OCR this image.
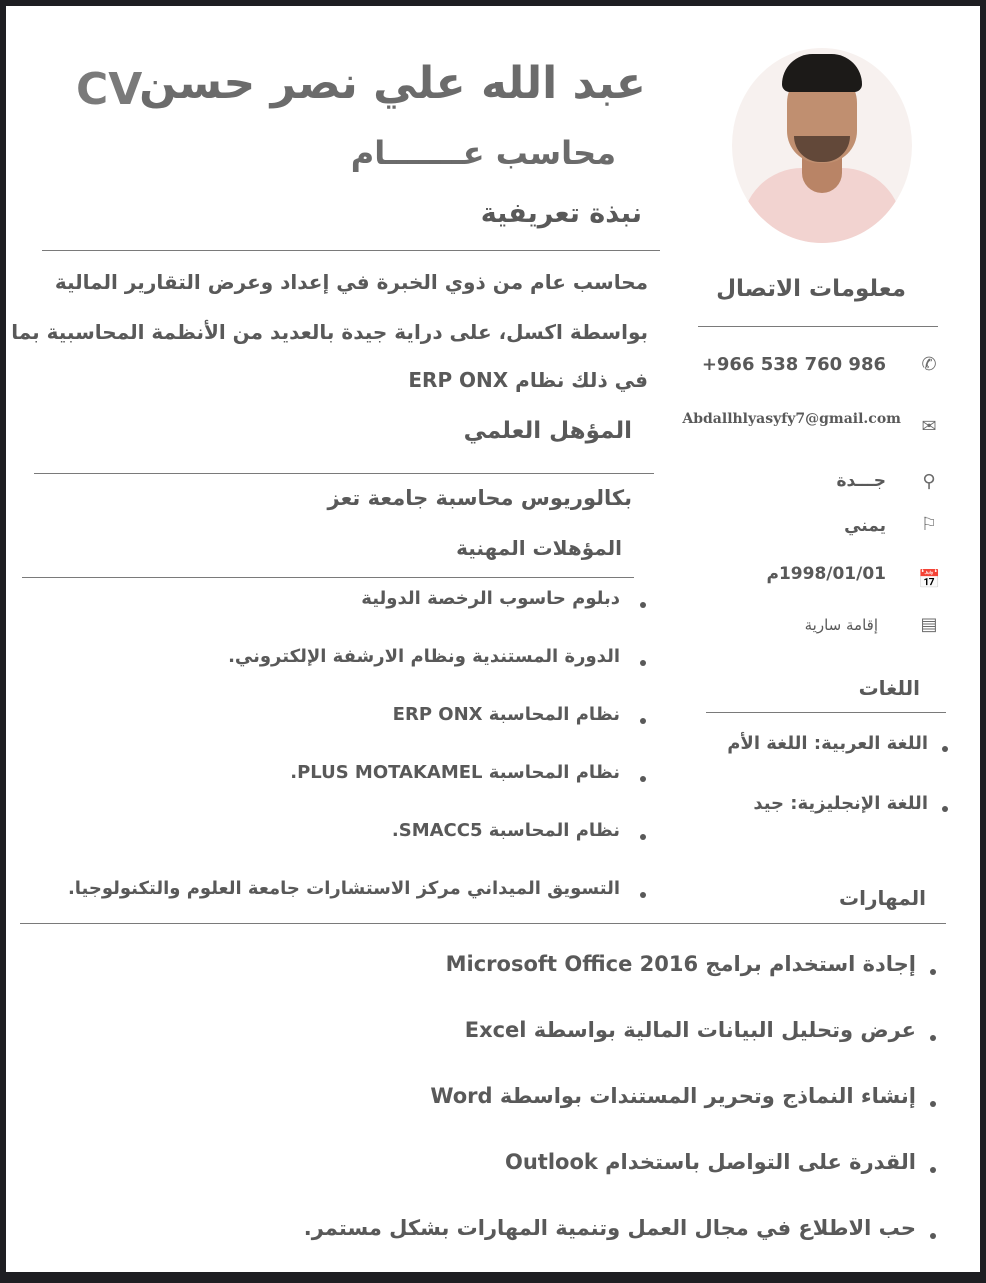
عبد الله علي نصر حسن
CV
محاسب عـــــــام
نبذة تعريفية
محاسب عام من ذوي الخبرة في إعداد وعرض التقارير المالية
بواسطة اكسل، على دراية جيدة بالعديد من الأنظمة المحاسبية بما
في ذلك نظام ERP ONX
المؤهل العلمي
بكالوريوس محاسبة جامعة تعز
المؤهلات المهنية
دبلوم حاسوب الرخصة الدولية
الدورة المستندية ونظام الارشفة الإلكتروني.
نظام المحاسبة ERP ONX
نظام المحاسبة PLUS MOTAKAMEL.
نظام المحاسبة SMACC5.
التسويق الميداني مركز الاستشارات جامعة العلوم والتكنولوجيا.
معلومات الاتصال
✆
+966 538 760 986
✉
Abdallhlyasyfy7@gmail.com
⚲
جـــدة
⚐
يمني
📅
1998/01/01م
▤
إقامة سارية
اللغات
اللغة العربية: اللغة الأم
اللغة الإنجليزية: جيد
المهارات
إجادة استخدام برامج Microsoft Office 2016
عرض وتحليل البيانات المالية بواسطة Excel
إنشاء النماذج وتحرير المستندات بواسطة Word
القدرة على التواصل باستخدام Outlook
حب الاطلاع في مجال العمل وتنمية المهارات بشكل مستمر.
